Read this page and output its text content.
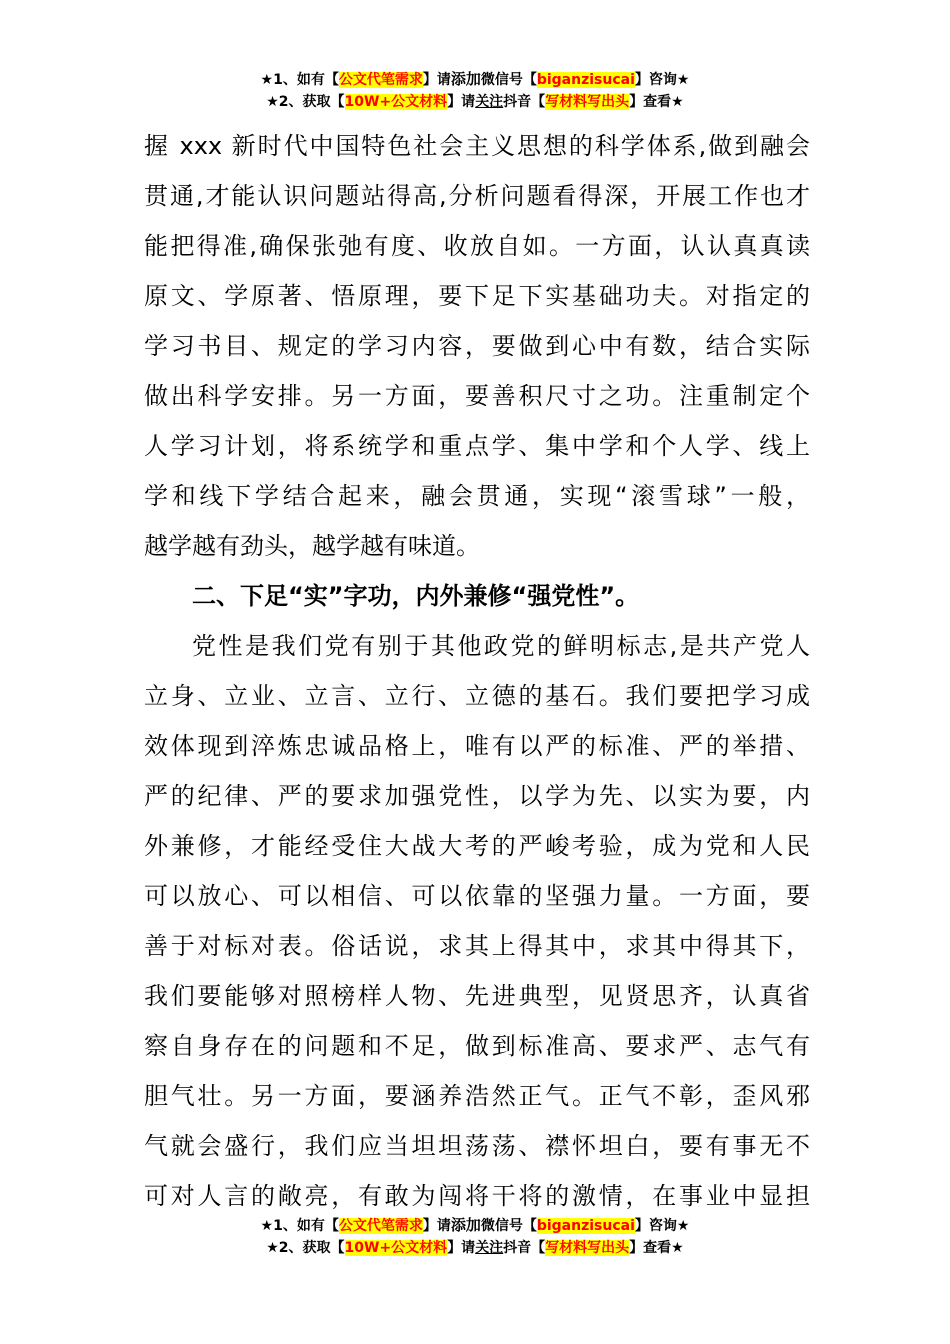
★1、如有【公文代笔需求】请添加微信号【biganzisucai】咨询★
★2、获取【10W+公文材料】请关注抖音【写材料写出头】查看★

握 xxx 新时代中国特色社会主义思想的科学体系,做到融会
贯通,才能认识问题站得高,分析问题看得深，开展工作也才
能把得准,确保张弛有度、收放自如。一方面，认认真真读
原文、学原著、悟原理，要下足下实基础功夫。对指定的
学习书目、规定的学习内容，要做到心中有数，结合实际
做出科学安排。另一方面，要善积尺寸之功。注重制定个
人学习计划，将系统学和重点学、集中学和个人学、线上
学和线下学结合起来，融会贯通，实现“滚雪球”一般，
越学越有劲头，越学越有味道。

二、下足“实”字功，内外兼修“强党性”。

党性是我们党有别于其他政党的鲜明标志,是共产党人
立身、立业、立言、立行、立德的基石。我们要把学习成
效体现到淬炼忠诚品格上，唯有以严的标准、严的举措、
严的纪律、严的要求加强党性，以学为先、以实为要，内
外兼修，才能经受住大战大考的严峻考验，成为党和人民
可以放心、可以相信、可以依靠的坚强力量。一方面，要
善于对标对表。俗话说，求其上得其中，求其中得其下，
我们要能够对照榜样人物、先进典型，见贤思齐，认真省
察自身存在的问题和不足，做到标准高、要求严、志气有
胆气壮。另一方面，要涵养浩然正气。正气不彰，歪风邪
气就会盛行，我们应当坦坦荡荡、襟怀坦白，要有事无不
可对人言的敞亮，有敢为闯将干将的激情，在事业中显担

★1、如有【公文代笔需求】请添加微信号【biganzisucai】咨询★
★2、获取【10W+公文材料】请关注抖音【写材料写出头】查看★
